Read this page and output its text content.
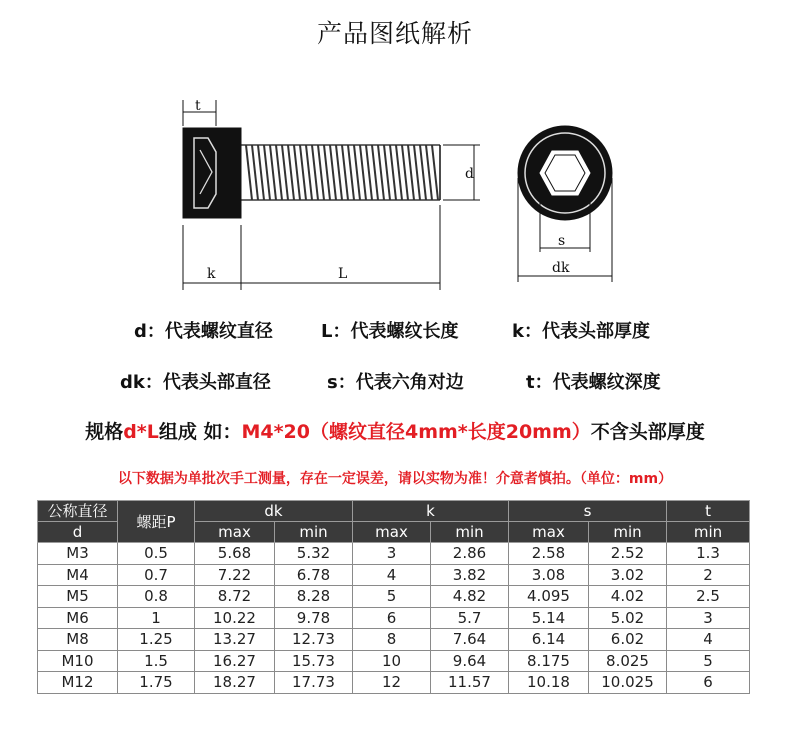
产品图纸解析
t
k	L
d
s
dk
d：代表螺纹直径	L：代表螺纹长度	k：代表头部厚度
dk：代表头部直径	s：代表六角对边	t：代表螺纹深度
规格d*L组成 如：M4*20（螺纹直径4mm*长度20mm）不含头部厚度
以下数据为单批次手工测量，存在一定误差，请以实物为准！介意者慎拍。（单位：mm）
公称直径	螺距P	dk		k		s		t
d		max	min	max	min	max	min	min
M3	0.5	5.68	5.32	3	2.86	2.58	2.52	1.3
M4	0.7	7.22	6.78	4	3.82	3.08	3.02	2
M5	0.8	8.72	8.28	5	4.82	4.095	4.02	2.5
M6	1	10.22	9.78	6	5.7	5.14	5.02	3
M8	1.25	13.27	12.73	8	7.64	6.14	6.02	4
M10	1.5	16.27	15.73	10	9.64	8.175	8.025	5
M12	1.75	18.27	17.73	12	11.57	10.18	10.025	6
